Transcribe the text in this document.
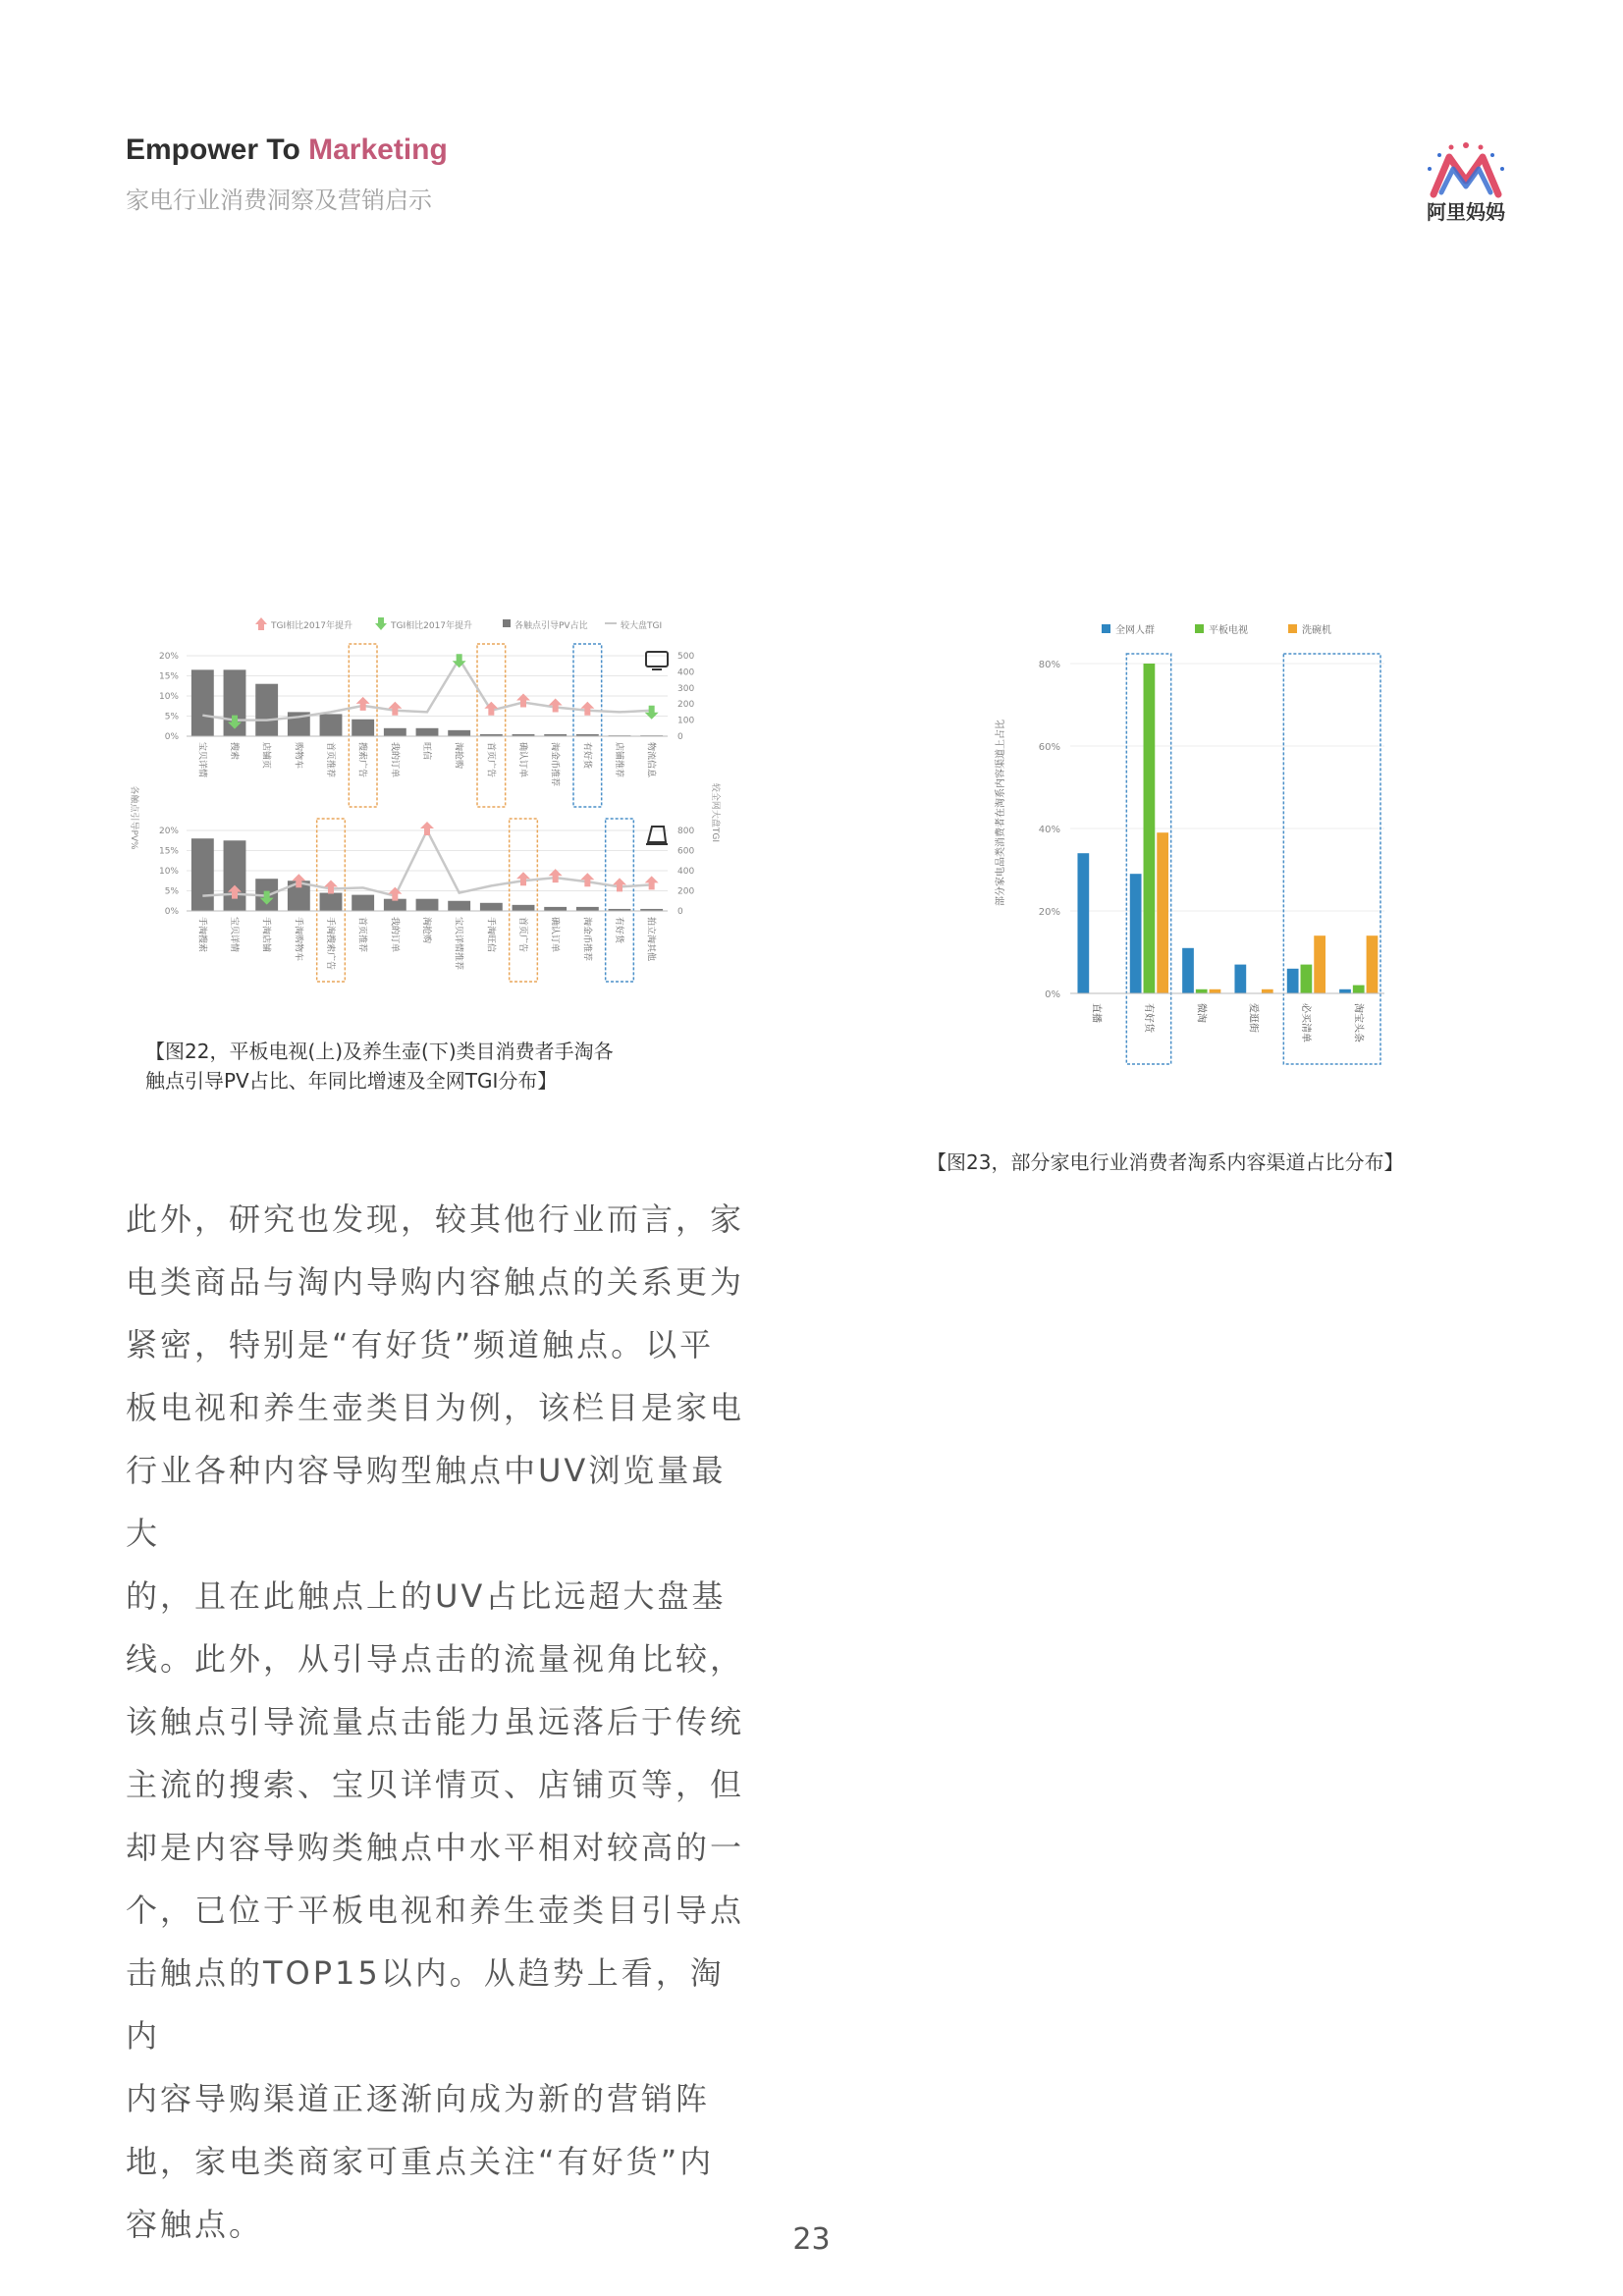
Empower To Marketing
家电行业消费洞察及营销启示	阿里妈妈
TGI相比2017年提升	TGI相比2017年提升	各触点引导PV占比	较大盘TGI
各触点引导PV%	较全网大盘TGI
20%
15%
10%
5%
0%
500
400
300
200
100
0
宝贝详情	搜索	店铺页	购物车	首页推荐	搜索广告	我的订单	旺信	淘抢购	首页广告	确认订单	淘金币推荐	有好货	店铺推荐	物流信息
20%
15%
10%
5%
0%
800
600
400
200
0
手淘搜索	宝贝详情	手淘店铺	手淘购物车	手淘搜索广告	首页推荐	我的订单	淘抢购	宝贝详情推荐	手淘旺信	首页广告	确认订单	淘金币推荐	有好货	拍立淘其他
【图22，平板电视(上)及养生壶(下)类目消费者手淘各
触点引导PV占比、年同比增速及全网TGI分布】
部分家电品类消费者在淘系内容渠道上占比
全网人群	平板电视	洗碗机
80%
60%
40%
20%
0%
直播	有好货	微淘	爱逛街	必买清单	淘宝头条
【图23，部分家电行业消费者淘系内容渠道占比分布】
此外，研究也发现，较其他行业而言，家
电类商品与淘内导购内容触点的关系更为
紧密，特别是“有好货”频道触点。以平
板电视和养生壶类目为例，该栏目是家电
行业各种内容导购型触点中UV浏览量最大
的，且在此触点上的UV占比远超大盘基
线。此外，从引导点击的流量视角比较，
该触点引导流量点击能力虽远落后于传统
主流的搜索、宝贝详情页、店铺页等，但
却是内容导购类触点中水平相对较高的一
个，已位于平板电视和养生壶类目引导点
击触点的TOP15以内。从趋势上看，淘内
内容导购渠道正逐渐向成为新的营销阵
地，家电类商家可重点关注“有好货”内
容触点。	23
